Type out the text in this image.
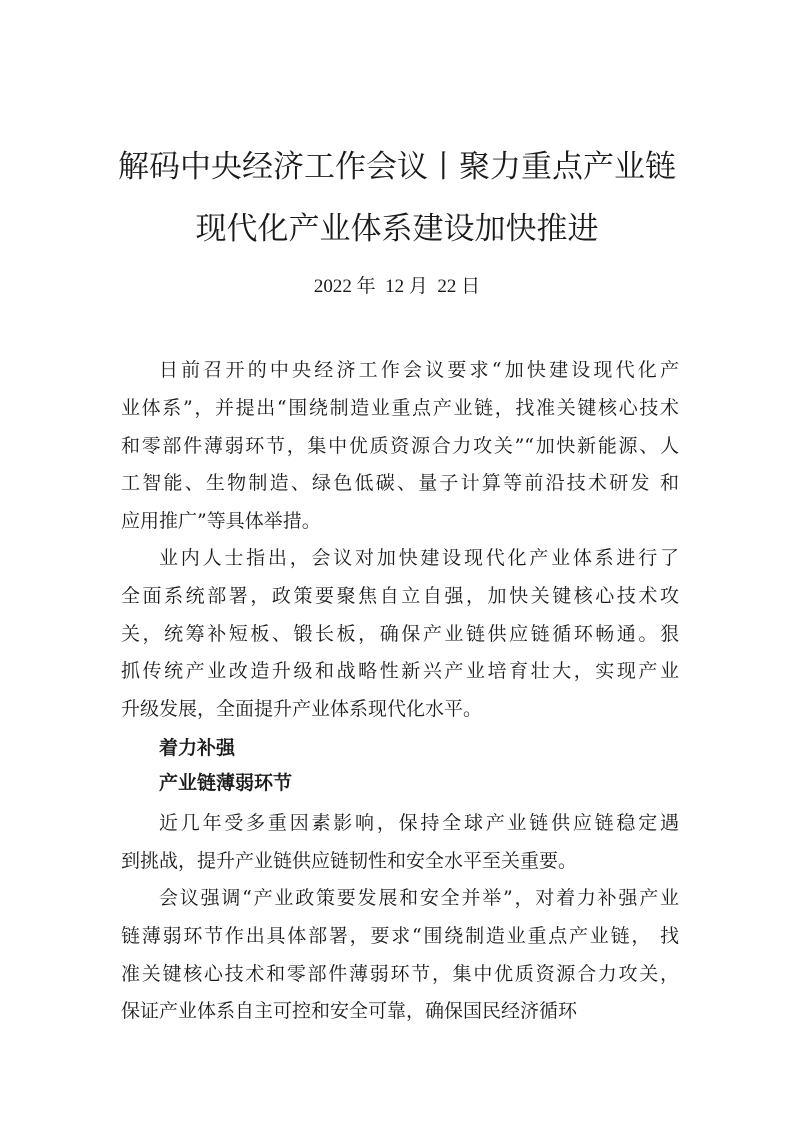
解码中央经济工作会议丨聚力重点产业链
现代化产业体系建设加快推进
2022 年  12 月  22 日
日前召开的中央经济工作会议要求“加快建设现代化产
业体系”，并提出“围绕制造业重点产业链，找准关键核心技术
和零部件薄弱环节，集中优质资源合力攻关”“加快新能源、人
工智能、生物制造、绿色低碳、量子计算等前沿技术研发 和
应用推广”等具体举措。
业内人士指出，会议对加快建设现代化产业体系进行了
全面系统部署，政策要聚焦自立自强，加快关键核心技术攻
关，统筹补短板、锻长板，确保产业链供应链循环畅通。狠
抓传统产业改造升级和战略性新兴产业培育壮大，实现产业
升级发展，全面提升产业体系现代化水平。
着力补强
产业链薄弱环节
近几年受多重因素影响，保持全球产业链供应链稳定遇
到挑战，提升产业链供应链韧性和安全水平至关重要。
会议强调“产业政策要发展和安全并举”，对着力补强产业
链薄弱环节作出具体部署，要求“围绕制造业重点产业链， 找
准关键核心技术和零部件薄弱环节，集中优质资源合力攻关，
保证产业体系自主可控和安全可靠，确保国民经济循环
